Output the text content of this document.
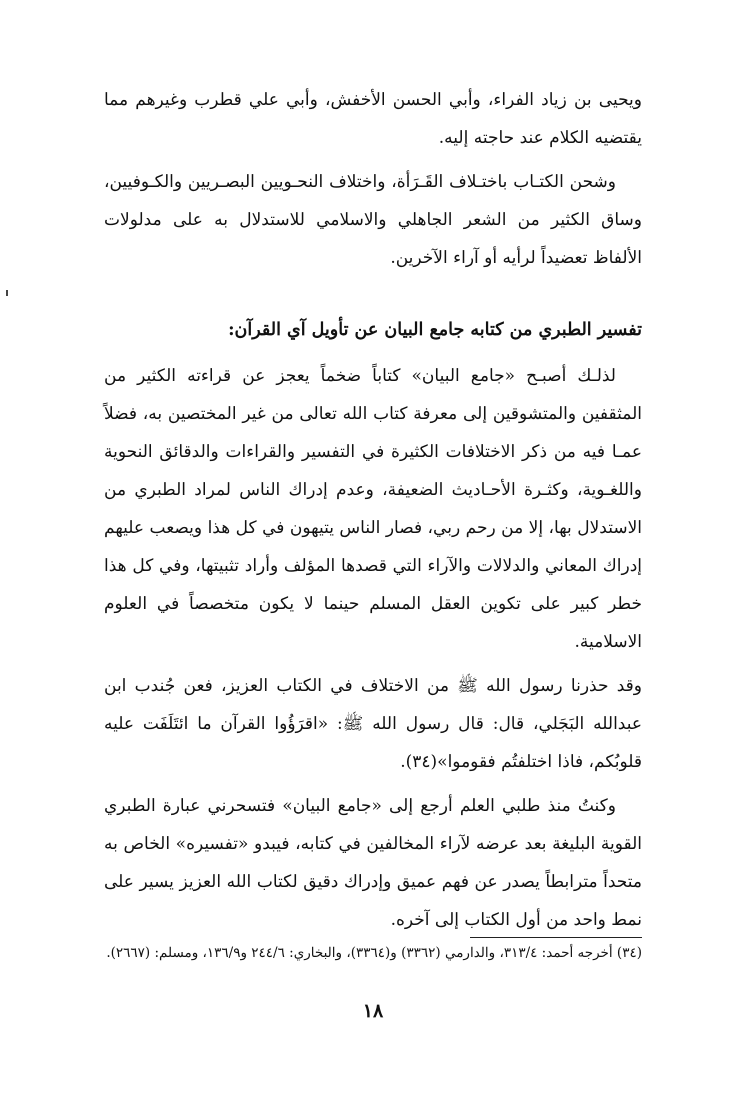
ويحيى بن زياد الفراء، وأبي الحسن الأخفش، وأبي علي قطرب وغيرهم مما يقتضيه الكلام عند حاجته إليه.

وشحن الكتـاب باختـلاف القَـرَأة، واختلاف النحـويين البصـريين والكـوفيين، وساق الكثير من الشعر الجاهلي والاسلامي للاستدلال به على مدلولات الألفاظ تعضيداً لرأيه أو آراء الآخرين.

تفسير الطبري من كتابه جامع البيان عن تأويل آي القرآن:

لذلـك أصبـح «جامع البيان» كتاباً ضخماً يعجز عن قراءته الكثير من المثقفين والمتشوقين إلى معرفة كتاب الله تعالى من غير المختصين به، فضلاً عمـا فيه من ذكر الاختلافات الكثيرة في التفسير والقراءات والدقائق النحوية واللغـوية، وكثـرة الأحـاديث الضعيفة، وعدم إدراك الناس لمراد الطبري من الاستدلال بها، إلا من رحم ربي، فصار الناس يتيهون في كل هذا ويصعب عليهم إدراك المعاني والدلالات والآراء التي قصدها المؤلف وأراد تثبيتها، وفي كل هذا خطر كبير على تكوين العقل المسلم حينما لا يكون متخصصاً في العلوم الاسلامية.

وقد حذرنا رسول الله ﷺ من الاختلاف في الكتاب العزيز، فعن جُندب ابن عبدالله البَجَلي، قال: قال رسول الله ﷺ: «اقرَؤُوا القرآن ما ائتَلَفَت عليه قلوبُكم، فاذا اختلفتُم فقوموا»(٣٤).

وكنتُ منذ طلبي العلم أرجع إلى «جامع البيان» فتسحرني عبارة الطبري القوية البليغة بعد عرضه لآراء المخالفين في كتابه، فيبدو «تفسيره» الخاص به متحداً مترابطاً يصدر عن فهم عميق وإدراك دقيق لكتاب الله العزيز يسير على نمط واحد من أول الكتاب إلى آخره.

(٣٤) أخرجه أحمد: ٣١٣/٤، والدارمي (٣٣٦٢) و(٣٣٦٤)، والبخاري: ٢٤٤/٦ و١٣٦/٩، ومسلم: (٢٦٦٧).

١٨
